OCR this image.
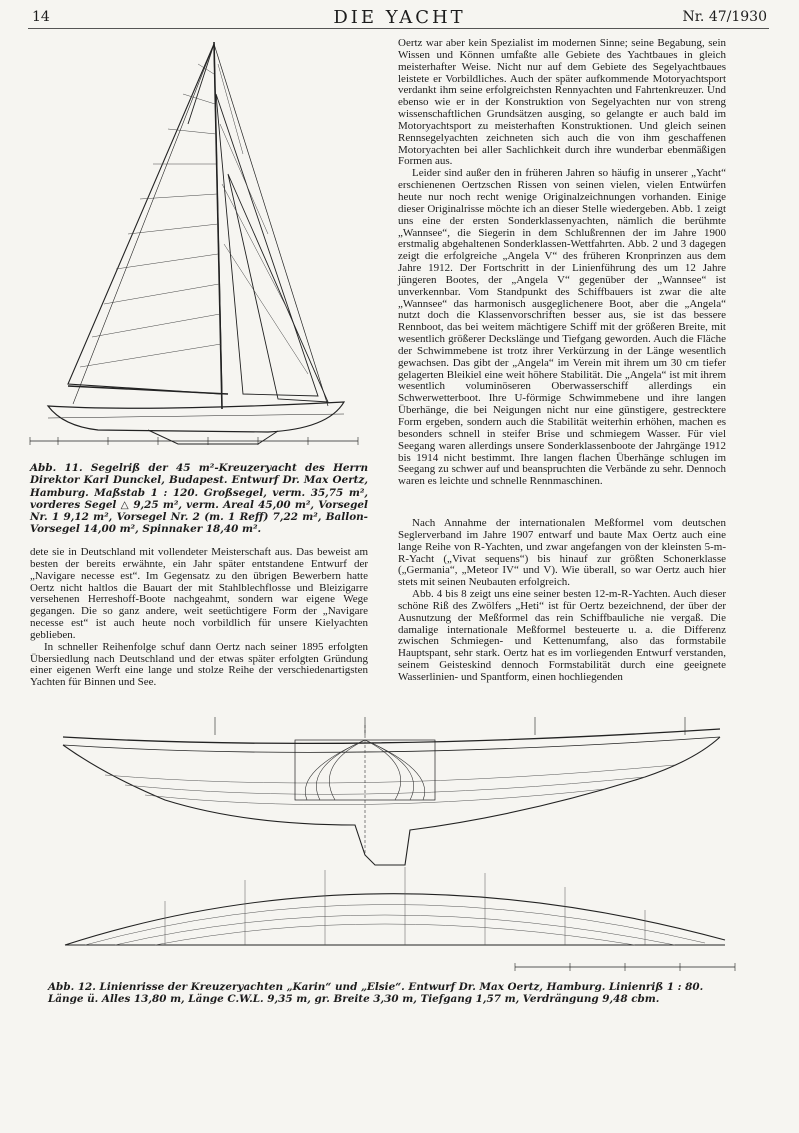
14	DIE YACHT	Nr. 47/1930
Abb. 11. Segelriß der 45 m²-Kreuzeryacht des Herrn Direktor Karl Dunckel, Budapest. Entwurf Dr. Max Oertz, Hamburg. Maßstab 1 : 120. Großsegel, verm. 35,75 m², vorderes Segel △ 9,25 m², verm. Areal 45,00 m², Vorsegel Nr. 1 9,12 m², Vorsegel Nr. 2 (m. 1 Reff) 7,22 m², Ballon-Vorsegel 14,00 m², Spinnaker 18,40 m².

Oertz war aber kein Spezialist im modernen Sinne; seine Begabung, sein Wissen und Können umfaßte alle Gebiete des Yachtbaues in gleich meisterhafter Weise. Nicht nur auf dem Gebiete des Segelyachtbaues leistete er Vorbildliches. Auch der später aufkommende Motoryachtsport verdankt ihm seine erfolgreichsten Rennyachten und Fahrtenkreuzer. Und ebenso wie er in der Konstruktion von Segelyachten nur von streng wissenschaftlichen Grundsätzen ausging, so gelangte er auch bald im Motoryachtsport zu meisterhaften Konstruktionen. Und gleich seinen Rennsegelyachten zeichneten sich auch die von ihm geschaffenen Motoryachten bei aller Sachlichkeit durch ihre wunderbar ebenmäßigen Formen aus.

Leider sind außer den in früheren Jahren so häufig in unserer „Yacht“ erschienenen Oertzschen Rissen von seinen vielen, vielen Entwürfen heute nur noch recht wenige Originalzeichnungen vorhanden. Einige dieser Originalrisse möchte ich an dieser Stelle wiedergeben. Abb. 1 zeigt uns eine der ersten Sonderklassenyachten, nämlich die berühmte „Wannsee“, die Siegerin in dem Schlußrennen der im Jahre 1900 erstmalig abgehaltenen Sonderklassen-Wettfahrten. Abb. 2 und 3 dagegen zeigt die erfolgreiche „Angela V“ des früheren Kronprinzen aus dem Jahre 1912. Der Fortschritt in der Linienführung des um 12 Jahre jüngeren Bootes, der „Angela V“ gegenüber der „Wannsee“ ist unverkennbar. Vom Standpunkt des Schiffbauers ist zwar die alte „Wannsee“ das harmonisch ausgeglichenere Boot, aber die „Angela“ nutzt doch die Klassenvorschriften besser aus, sie ist das bessere Rennboot, das bei weitem mächtigere Schiff mit der größeren Breite, mit wesentlich größerer Deckslänge und Tiefgang geworden. Auch die Fläche der Schwimmebene ist trotz ihrer Verkürzung in der Länge wesentlich gewachsen. Das gibt der „Angela“ im Verein mit ihrem um 30 cm tiefer gelagerten Bleikiel eine weit höhere Stabilität. Die „Angela“ ist mit ihrem wesentlich voluminöseren Oberwasserschiff allerdings ein Schwerwetterboot. Ihre U-förmige Schwimmebene und ihre langen Überhänge, die bei Neigungen nicht nur eine günstigere, gestrecktere Form ergeben, sondern auch die Stabilität weiterhin erhöhen, machen es besonders schnell in steifer Brise und schmiegem Wasser. Für viel Seegang waren allerdings unsere Sonderklassenboote der Jahrgänge 1912 bis 1914 nicht bestimmt. Ihre langen flachen Überhänge schlugen im Seegang zu schwer auf und beanspruchten die Verbände zu sehr. Dennoch waren es leichte und schnelle Rennmaschinen.

Nach Annahme der internationalen Meßformel vom deutschen Seglerverband im Jahre 1907 entwarf und baute Max Oertz auch eine lange Reihe von R-Yachten, und zwar angefangen von der kleinsten 5-m-R-Yacht („Vivat sequens“) bis hinauf zur größten Schonerklasse („Germania“, „Meteor IV“ und V). Wie überall, so war Oertz auch hier stets mit seinen Neubauten erfolgreich.

Abb. 4 bis 8 zeigt uns eine seiner besten 12-m-R-Yachten. Auch dieser schöne Riß des Zwölfers „Heti“ ist für Oertz bezeichnend, der über der Ausnutzung der Meßformel das rein Schiffbauliche nie vergaß. Die damalige internationale Meßformel besteuerte u. a. die Differenz zwischen Schmiegen- und Kettenumfang, also das formstabile Hauptspant, sehr stark. Oertz hat es im vorliegenden Entwurf verstanden, seinem Geisteskind dennoch Formstabilität durch eine geeignete Wasserlinien- und Spantform, einen hochliegenden

dete sie in Deutschland mit vollendeter Meisterschaft aus. Das beweist am besten der bereits erwähnte, ein Jahr später entstandene Entwurf der „Navigare necesse est“. Im Gegensatz zu den übrigen Bewerbern hatte Oertz nicht haltlos die Bauart der mit Stahlblechflosse und Bleizigarre versehenen Herreshoff-Boote nachgeahmt, sondern war eigene Wege gegangen. Die so ganz andere, weit seetüchtigere Form der „Navigare necesse est“ ist auch heute noch vorbildlich für unsere Kielyachten geblieben.

In schneller Reihenfolge schuf dann Oertz nach seiner 1895 erfolgten Übersiedlung nach Deutschland und der etwas später erfolgten Gründung einer eigenen Werft eine lange und stolze Reihe der verschiedenartigsten Yachten für Binnen und See.

Abb. 12. Linienrisse der Kreuzeryachten „Karin“ und „Elsie“. Entwurf Dr. Max Oertz, Hamburg. Linienriß 1 : 80. Länge ü. Alles 13,80 m, Länge C.W.L. 9,35 m, gr. Breite 3,30 m, Tiefgang 1,57 m, Verdrängung 9,48 cbm.
